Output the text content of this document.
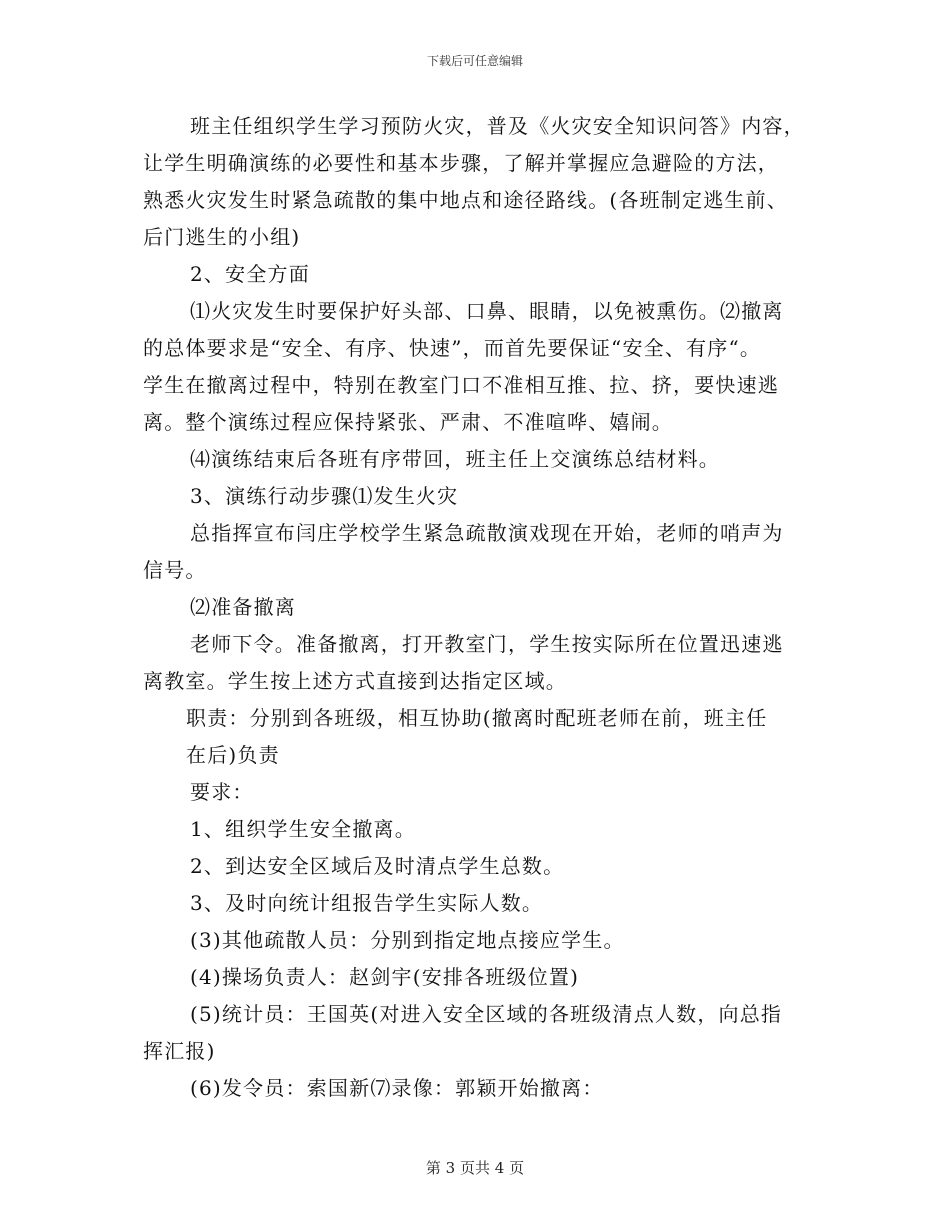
下载后可任意编辑
班主任组织学生学习预防火灾，普及《火灾安全知识问答》内容，
让学生明确演练的必要性和基本步骤，了解并掌握应急避险的方法，
熟悉火灾发生时紧急疏散的集中地点和途径路线。(各班制定逃生前、
后门逃生的小组)
2、安全方面
⑴火灾发生时要保护好头部、口鼻、眼睛，以免被熏伤。⑵撤离
的总体要求是“安全、有序、快速”，而首先要保证“安全、有序“。
学生在撤离过程中，特别在教室门口不准相互推、拉、挤，要快速逃
离。整个演练过程应保持紧张、严肃、不准喧哗、嬉闹。
⑷演练结束后各班有序带回，班主任上交演练总结材料。
3、演练行动步骤⑴发生火灾
总指挥宣布闫庄学校学生紧急疏散演戏现在开始，老师的哨声为
信号。
⑵准备撤离
老师下令。准备撤离，打开教室门，学生按实际所在位置迅速逃
离教室。学生按上述方式直接到达指定区域。
职责：分别到各班级，相互协助(撤离时配班老师在前，班主任
在后)负责
要求：
1、组织学生安全撤离。
2、到达安全区域后及时清点学生总数。
3、及时向统计组报告学生实际人数。
(3)其他疏散人员：分别到指定地点接应学生。
(4)操场负责人：赵剑宇(安排各班级位置)
(5)统计员：王国英(对进入安全区域的各班级清点人数，向总指
挥汇报)
(6)发令员：索国新⑺录像：郭颖开始撤离：
第 3 页共 4 页
